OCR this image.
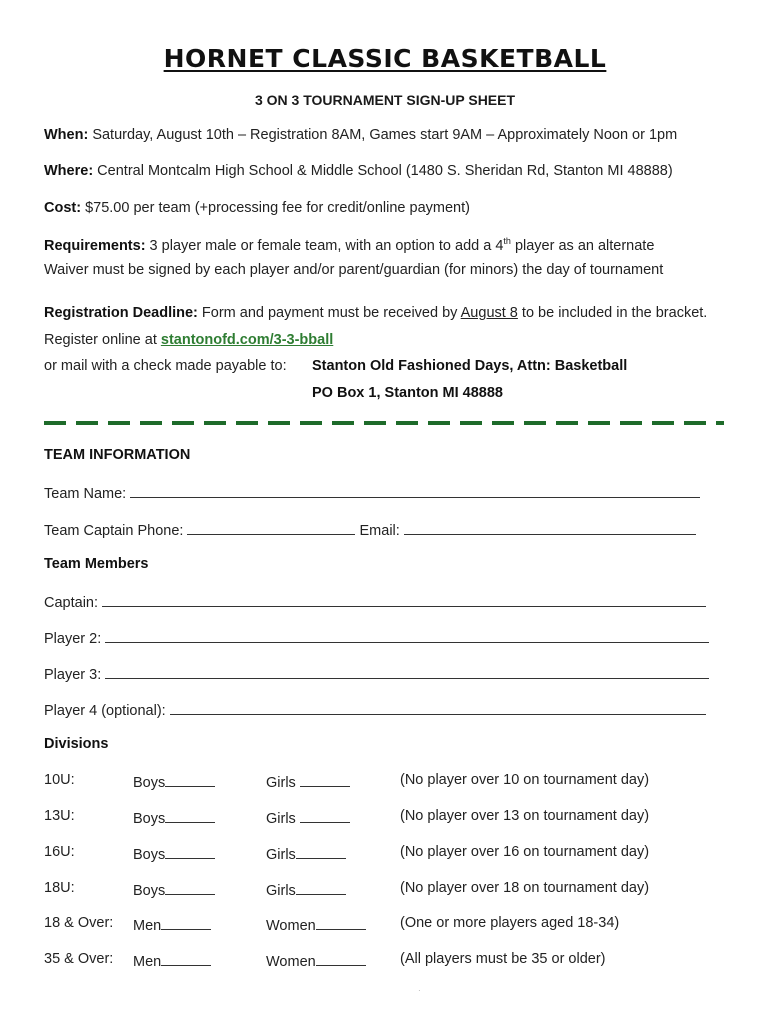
HORNET CLASSIC BASKETBALL
3 ON 3 TOURNAMENT SIGN-UP SHEET
When: Saturday, August 10th – Registration 8AM, Games start 9AM – Approximately Noon or 1pm
Where: Central Montcalm High School & Middle School (1480 S. Sheridan Rd, Stanton MI 48888)
Cost: $75.00 per team (+processing fee for credit/online payment)
Requirements: 3 player male or female team, with an option to add a 4th player as an alternate
Waiver must be signed by each player and/or parent/guardian (for minors) the day of tournament
Registration Deadline: Form and payment must be received by August 8 to be included in the bracket.
Register online at stantonofd.com/3-3-bball
or mail with a check made payable to: Stanton Old Fashioned Days, Attn: Basketball
PO Box 1, Stanton MI 48888
TEAM INFORMATION
Team Name:
Team Captain Phone:	Email:
Team Members
Captain:
Player 2:
Player 3:
Player 4 (optional):
Divisions
10U:	Boys	Girls	(No player over 10 on tournament day)
13U:	Boys	Girls	(No player over 13 on tournament day)
16U:	Boys	Girls	(No player over 16 on tournament day)
18U:	Boys	Girls	(No player over 18 on tournament day)
18 & Over: Men	Women	(One or more players aged 18-34)
35 & Over: Men	Women	(All players must be 35 or older)
·
